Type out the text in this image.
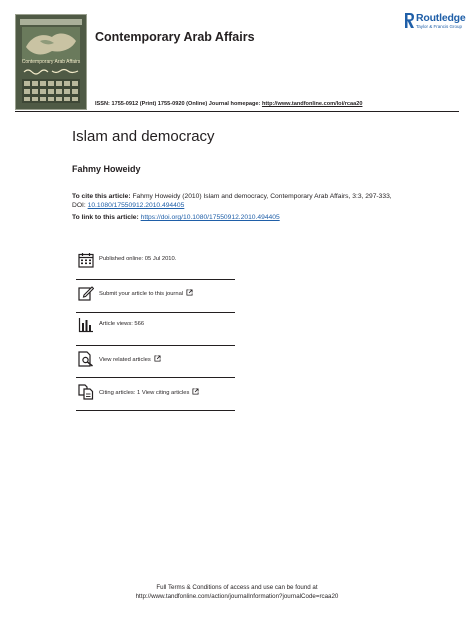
Contemporary Arab Affairs
Contemporary Arab Affairs
Routledge
Taylor & Francis Group
ISSN: 1755-0912 (Print) 1755-0920 (Online) Journal homepage: http://www.tandfonline.com/loi/rcaa20
Islam and democracy
Fahmy Howeidy
To cite this article: Fahmy Howeidy (2010) Islam and democracy, Contemporary Arab Affairs, 3:3, 297-333, DOI: 10.1080/17550912.2010.494405
To link to this article: https://doi.org/10.1080/17550912.2010.494405
Published online: 05 Jul 2010.
Submit your article to this journal
Article views: 566
View related articles
Citing articles: 1 View citing articles
Full Terms & Conditions of access and use can be found at
http://www.tandfonline.com/action/journalInformation?journalCode=rcaa20
